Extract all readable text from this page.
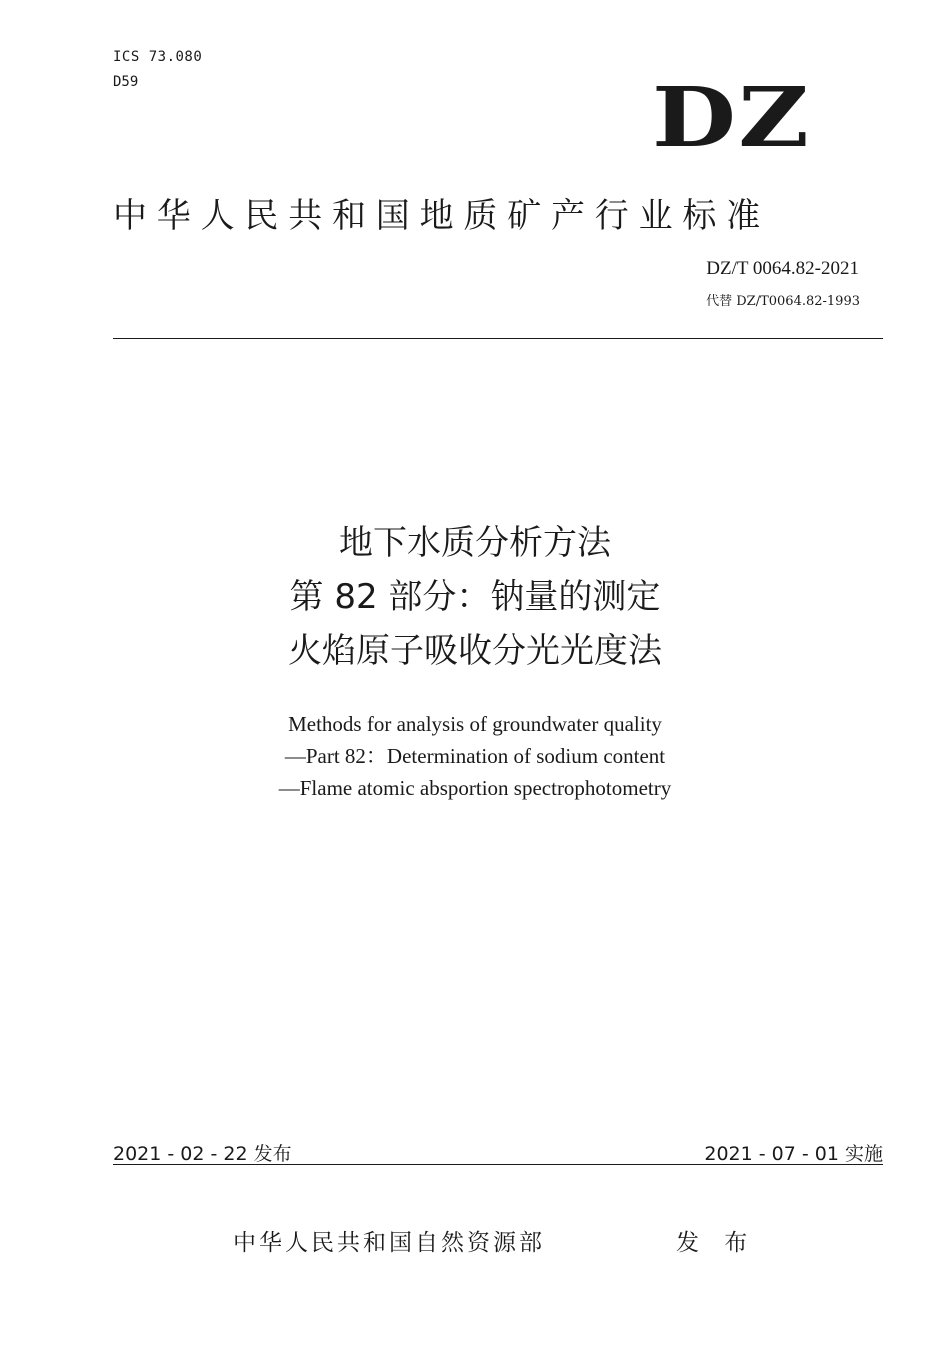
ICS 73.080
D59	DZ
中华人民共和国地质矿产行业标准
DZ/T 0064.82-2021
代替 DZ/T0064.82-1993
地下水质分析方法
第 82 部分：钠量的测定
火焰原子吸收分光光度法
Methods for analysis of groundwater quality
—Part 82：Determination of sodium content
—Flame atomic absportion spectrophotometry
2021 - 02 - 22 发布	2021 - 07 - 01 实施
中华人民共和国自然资源部	发 布
